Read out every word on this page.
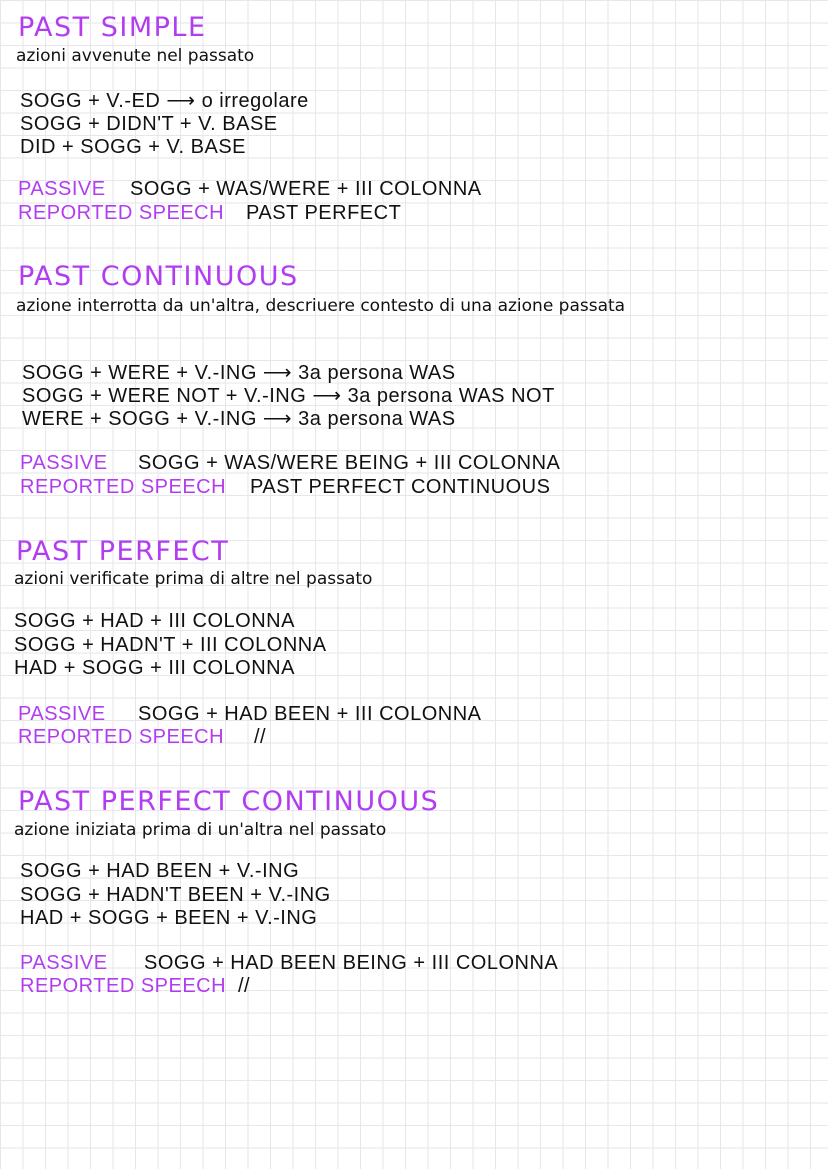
PAST SIMPLE

azioni avvenute nel passato

SOGG + V.-ED ⟶ o irregolare

SOGG + DIDN'T + V. BASE

DID + SOGG + V. BASE

PASSIVE SOGG + WAS/WERE + III COLONNA

REPORTED SPEECH PAST PERFECT

PAST CONTINUOUS

azione interrotta da un'altra, descriuere contesto di una azione passata

SOGG + WERE + V.-ING ⟶ 3a persona WAS

SOGG + WERE NOT + V.-ING ⟶ 3a persona WAS NOT

WERE + SOGG + V.-ING ⟶ 3a persona WAS

PASSIVE SOGG + WAS/WERE BEING + III COLONNA

REPORTED SPEECH PAST PERFECT CONTINUOUS

PAST PERFECT

azioni verificate prima di altre nel passato

SOGG + HAD + III COLONNA

SOGG + HADN'T + III COLONNA

HAD + SOGG + III COLONNA

PASSIVE SOGG + HAD BEEN + III COLONNA

REPORTED SPEECH //

PAST PERFECT CONTINUOUS

azione iniziata prima di un'altra nel passato

SOGG + HAD BEEN + V.-ING

SOGG + HADN'T BEEN + V.-ING

HAD + SOGG + BEEN + V.-ING

PASSIVE SOGG + HAD BEEN BEING + III COLONNA

REPORTED SPEECH //
